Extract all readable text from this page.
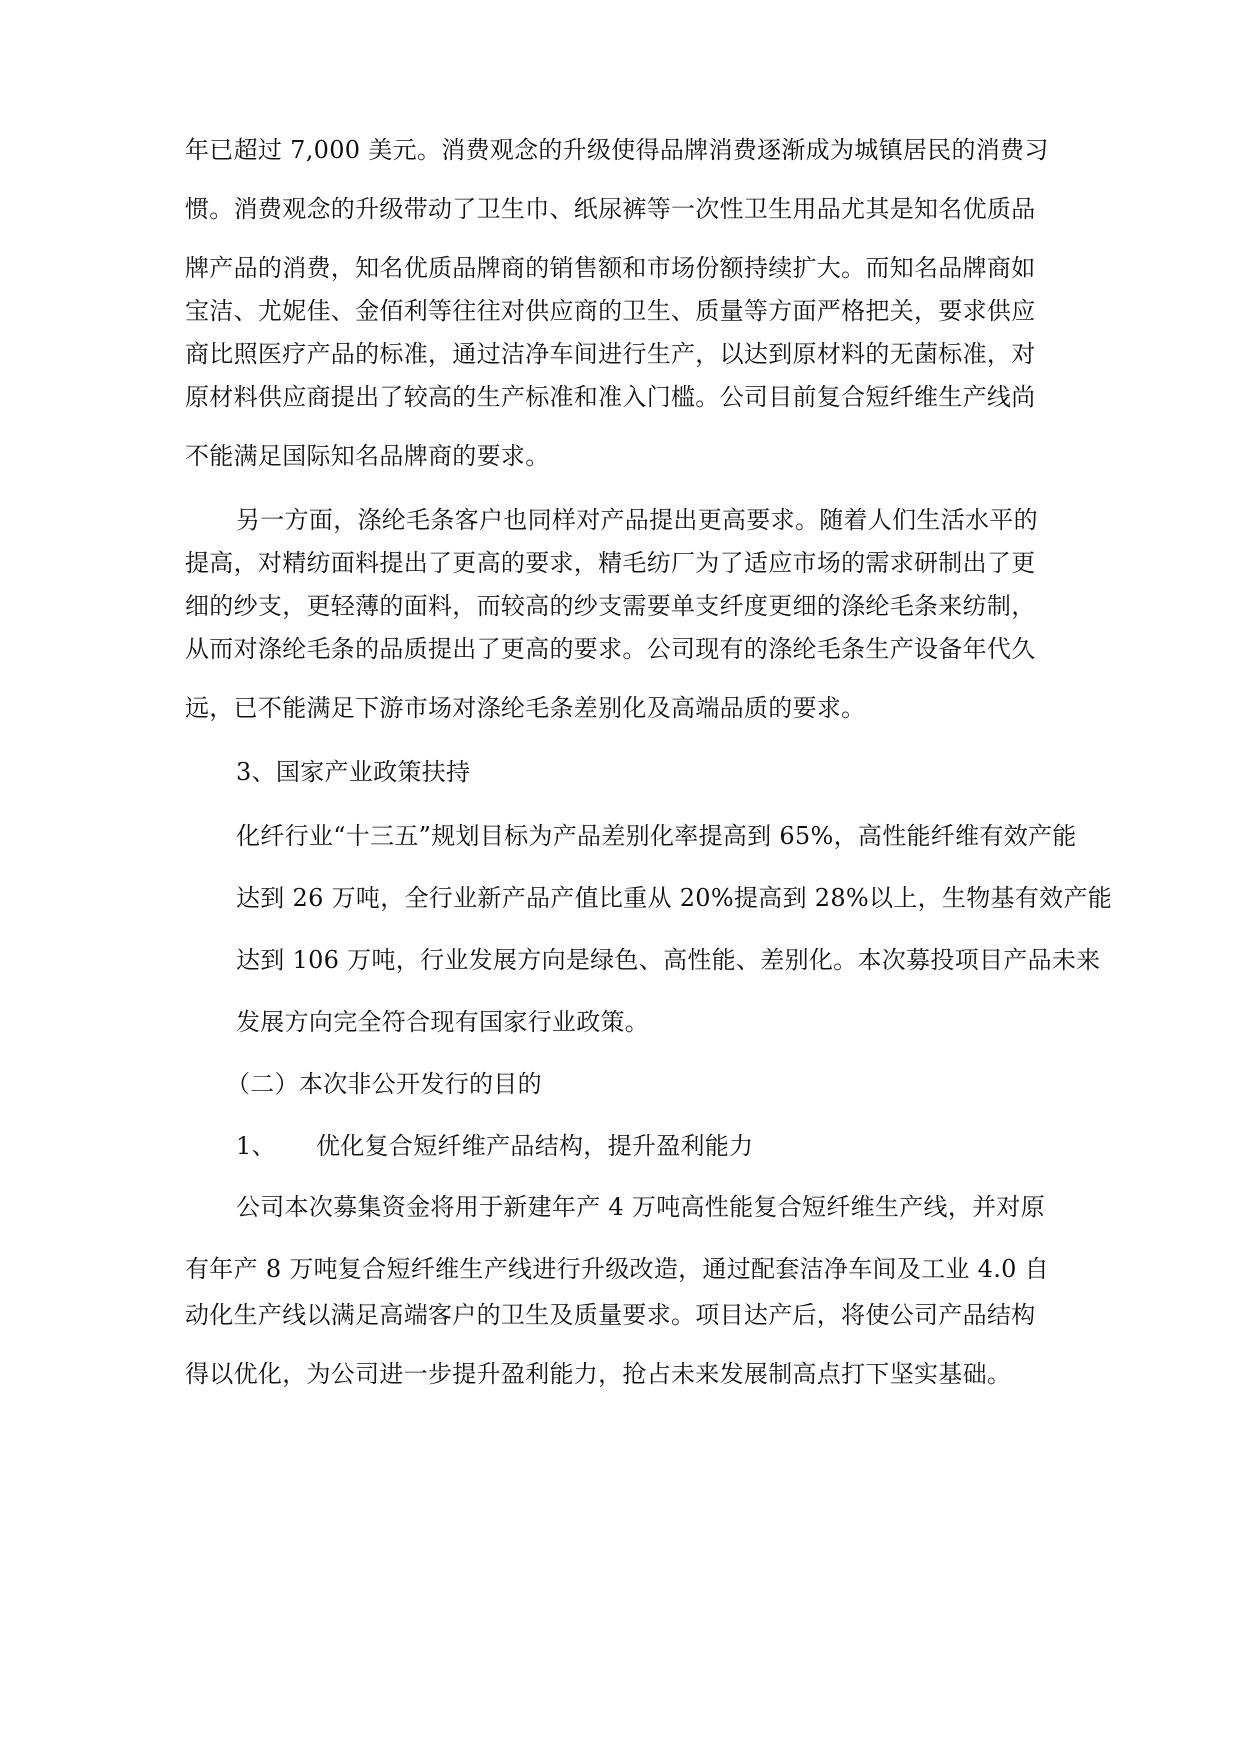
年已超过 7,000 美元。消费观念的升级使得品牌消费逐渐成为城镇居民的消费习
惯。消费观念的升级带动了卫生巾、纸尿裤等一次性卫生用品尤其是知名优质品
牌产品的消费，知名优质品牌商的销售额和市场份额持续扩大。而知名品牌商如
宝洁、尤妮佳、金佰利等往往对供应商的卫生、质量等方面严格把关，要求供应
商比照医疗产品的标准，通过洁净车间进行生产，以达到原材料的无菌标准，对
原材料供应商提出了较高的生产标准和准入门槛。公司目前复合短纤维生产线尚
不能满足国际知名品牌商的要求。
另一方面，涤纶毛条客户也同样对产品提出更高要求。随着人们生活水平的
提高，对精纺面料提出了更高的要求，精毛纺厂为了适应市场的需求研制出了更
细的纱支，更轻薄的面料，而较高的纱支需要单支纤度更细的涤纶毛条来纺制，
从而对涤纶毛条的品质提出了更高的要求。公司现有的涤纶毛条生产设备年代久
远，已不能满足下游市场对涤纶毛条差别化及高端品质的要求。
3、国家产业政策扶持
化纤行业“十三五”规划目标为产品差别化率提高到 65%，高性能纤维有效产能
达到 26 万吨，全行业新产品产值比重从 20%提高到 28%以上，生物基有效产能
达到 106 万吨，行业发展方向是绿色、高性能、差别化。本次募投项目产品未来
发展方向完全符合现有国家行业政策。
（二）本次非公开发行的目的
1、 优化复合短纤维产品结构，提升盈利能力
公司本次募集资金将用于新建年产 4 万吨高性能复合短纤维生产线，并对原
有年产 8 万吨复合短纤维生产线进行升级改造，通过配套洁净车间及工业 4.0 自
动化生产线以满足高端客户的卫生及质量要求。项目达产后，将使公司产品结构
得以优化，为公司进一步提升盈利能力，抢占未来发展制高点打下坚实基础。
